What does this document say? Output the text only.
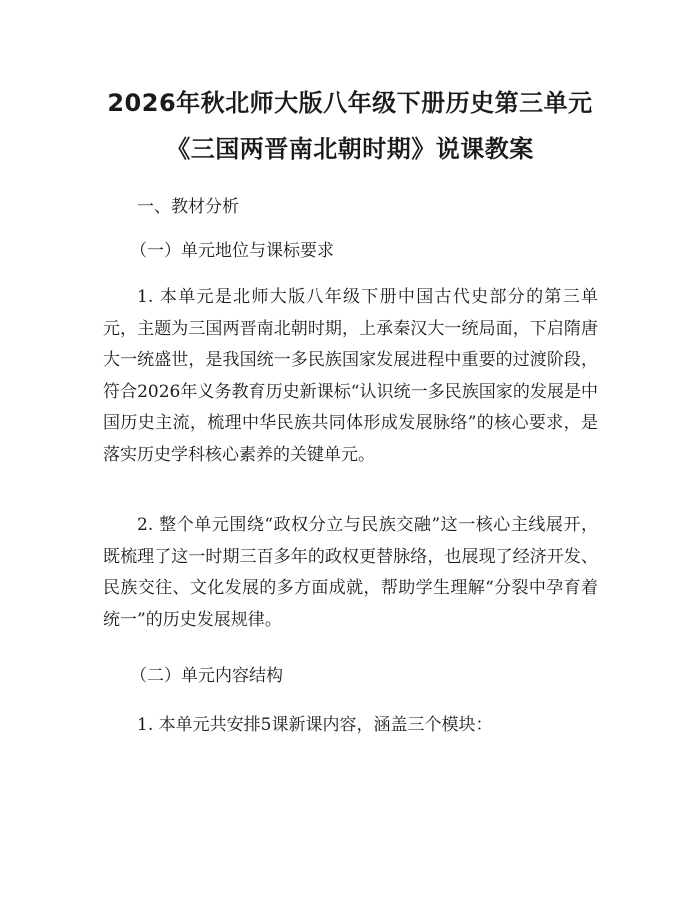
2026年秋北师大版八年级下册历史第三单元
《三国两晋南北朝时期》说课教案
一、教材分析
（一）单元地位与课标要求

1. 本单元是北师大版八年级下册中国古代史部分的第三单元，主题为三国两晋南北朝时期，上承秦汉大一统局面，下启隋唐大一统盛世，是我国统一多民族国家发展进程中重要的过渡阶段，符合2026年义务教育历史新课标“认识统一多民族国家的发展是中国历史主流，梳理中华民族共同体形成发展脉络”的核心要求，是落实历史学科核心素养的关键单元。

2. 整个单元围绕“政权分立与民族交融”这一核心主线展开，既梳理了这一时期三百多年的政权更替脉络，也展现了经济开发、民族交往、文化发展的多方面成就，帮助学生理解“分裂中孕育着统一”的历史发展规律。

（二）单元内容结构

1. 本单元共安排5课新课内容，涵盖三个模块：
